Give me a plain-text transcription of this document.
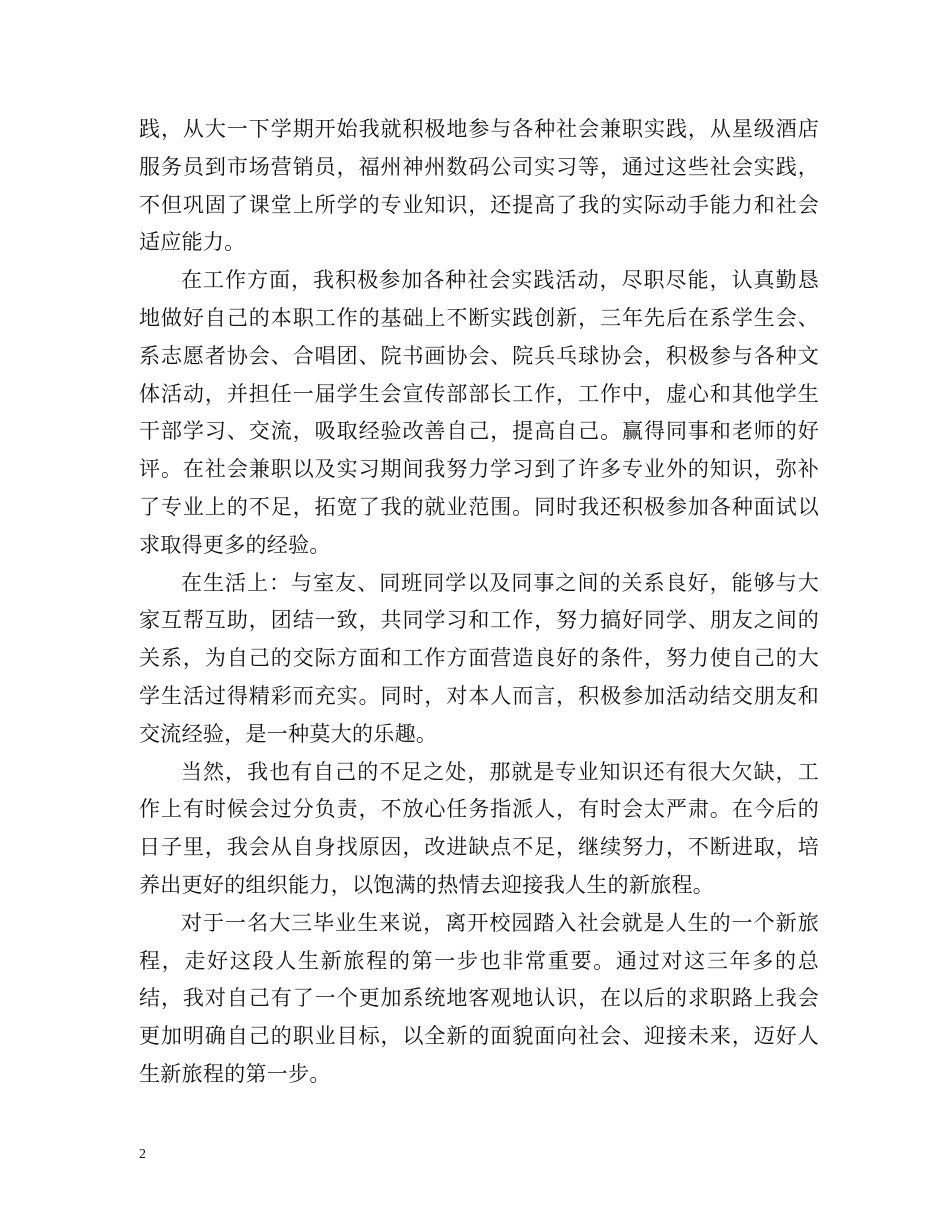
践，从大一下学期开始我就积极地参与各种社会兼职实践，从星级酒店服务员到市场营销员，福州神州数码公司实习等，通过这些社会实践，不但巩固了课堂上所学的专业知识，还提高了我的实际动手能力和社会适应能力。

在工作方面，我积极参加各种社会实践活动，尽职尽能，认真勤恳地做好自己的本职工作的基础上不断实践创新，三年先后在系学生会、系志愿者协会、合唱团、院书画协会、院兵乓球协会，积极参与各种文体活动，并担任一届学生会宣传部部长工作，工作中，虚心和其他学生干部学习、交流，吸取经验改善自己，提高自己。赢得同事和老师的好评。在社会兼职以及实习期间我努力学习到了许多专业外的知识，弥补了专业上的不足，拓宽了我的就业范围。同时我还积极参加各种面试以求取得更多的经验。

在生活上：与室友、同班同学以及同事之间的关系良好，能够与大家互帮互助，团结一致，共同学习和工作，努力搞好同学、朋友之间的关系，为自己的交际方面和工作方面营造良好的条件，努力使自己的大学生活过得精彩而充实。同时，对本人而言，积极参加活动结交朋友和交流经验，是一种莫大的乐趣。

当然，我也有自己的不足之处，那就是专业知识还有很大欠缺，工作上有时候会过分负责，不放心任务指派人，有时会太严肃。在今后的日子里，我会从自身找原因，改进缺点不足，继续努力，不断进取，培养出更好的组织能力，以饱满的热情去迎接我人生的新旅程。

对于一名大三毕业生来说，离开校园踏入社会就是人生的一个新旅程，走好这段人生新旅程的第一步也非常重要。通过对这三年多的总结，我对自己有了一个更加系统地客观地认识，在以后的求职路上我会更加明确自己的职业目标，以全新的面貌面向社会、迎接未来，迈好人生新旅程的第一步。

2
